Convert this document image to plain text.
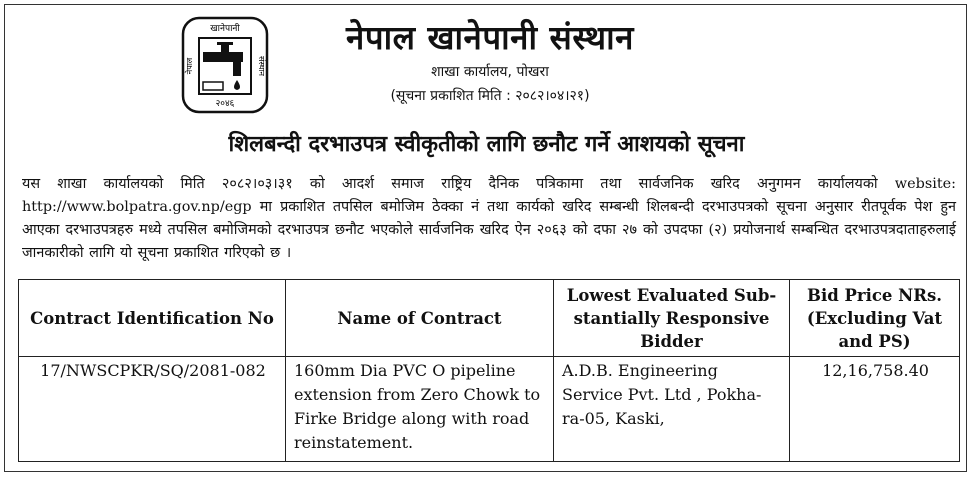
खानेपानी
नेपाल	संस्थान
२०४६
नेपाल खानेपानी संस्थान
शाखा कार्यालय, पोखरा
(सूचना प्रकाशित मिति : २०८२।०४।२१)
शिलबन्दी दरभाउपत्र स्वीकृतीको लागि छनौट गर्ने आशयको सूचना
यस शाखा कार्यालयको मिति २०८२।०३।३१ को आदर्श समाज राष्ट्रिय दैनिक पत्रिकामा तथा सार्वजनिक खरिद अनुगमन कार्यालयको website: http://www.bolpatra.gov.np/egp मा प्रकाशित तपसिल बमोजिम ठेक्का नं तथा कार्यको खरिद सम्बन्धी शिलबन्दी दरभाउपत्रको सूचना अनुसार रीतपूर्वक पेश हुन आएका दरभाउपत्रहरु मध्ये तपसिल बमोजिमको दरभाउपत्र छनौट भएकोले सार्वजनिक खरिद ऐन २०६३ को दफा २७ को उपदफा (२) प्रयोजनार्थ सम्बन्धित दरभाउपत्रदाताहरुलाई जानकारीको लागि यो सूचना प्रकाशित गरिएको छ ।
Contract Identification No	Name of Contract	Lowest Evaluated Sub-stantially Responsive Bidder	Bid Price NRs. (Excluding Vat and PS)
17/NWSCPKR/SQ/2081-082	160mm Dia PVC O pipeline extension from Zero Chowk to Firke Bridge along with road reinstatement.	A.D.B. Engineering Service Pvt. Ltd , Pokha-ra-05, Kaski,	12,16,758.40
